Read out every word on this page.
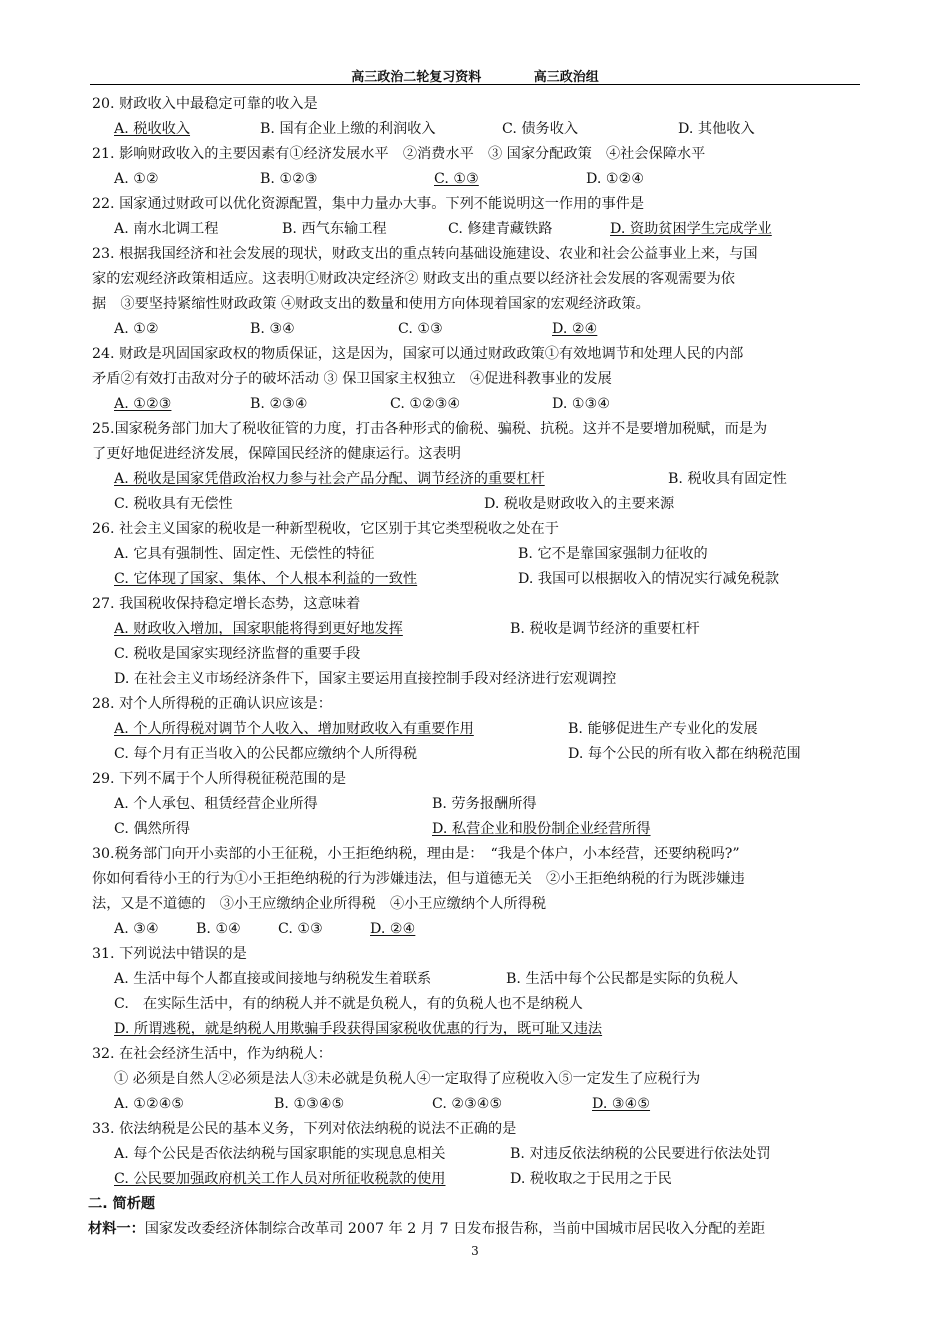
高三政治二轮复习资料	高三政治组
20. 财政收入中最稳定可靠的收入是
A. 税收收入	B. 国有企业上缴的利润收入	C. 债务收入	D. 其他收入
21. 影响财政收入的主要因素有①经济发展水平　②消费水平　③ 国家分配政策　④社会保障水平
A. ①②	B. ①②③	C. ①③	D. ①②④
22. 国家通过财政可以优化资源配置，集中力量办大事。下列不能说明这一作用的事件是
A. 南水北调工程	B. 西气东输工程	C. 修建青藏铁路	D. 资助贫困学生完成学业
23. 根据我国经济和社会发展的现状，财政支出的重点转向基础设施建设、农业和社会公益事业上来，与国
家的宏观经济政策相适应。这表明①财政决定经济② 财政支出的重点要以经济社会发展的客观需要为依
据　③要坚持紧缩性财政政策 ④财政支出的数量和使用方向体现着国家的宏观经济政策。
A. ①②	B. ③④	C. ①③	D. ②④
24. 财政是巩固国家政权的物质保证，这是因为，国家可以通过财政政策①有效地调节和处理人民的内部
矛盾②有效打击敌对分子的破坏活动 ③ 保卫国家主权独立　④促进科教事业的发展
A. ①②③	B. ②③④	C. ①②③④	D. ①③④
25.国家税务部门加大了税收征管的力度，打击各种形式的偷税、骗税、抗税。这并不是要增加税赋，而是为
了更好地促进经济发展，保障国民经济的健康运行。这表明
A. 税收是国家凭借政治权力参与社会产品分配、调节经济的重要杠杆	B. 税收具有固定性
C. 税收具有无偿性	D. 税收是财政收入的主要来源
26. 社会主义国家的税收是一种新型税收，它区别于其它类型税收之处在于
A. 它具有强制性、固定性、无偿性的特征	B. 它不是靠国家强制力征收的
C. 它体现了国家、集体、个人根本利益的一致性	D. 我国可以根据收入的情况实行减免税款
27. 我国税收保持稳定增长态势，这意味着
A. 财政收入增加，国家职能将得到更好地发挥	B. 税收是调节经济的重要杠杆
C. 税收是国家实现经济监督的重要手段
D. 在社会主义市场经济条件下，国家主要运用直接控制手段对经济进行宏观调控
28. 对个人所得税的正确认识应该是：
A. 个人所得税对调节个人收入、增加财政收入有重要作用	B. 能够促进生产专业化的发展
C. 每个月有正当收入的公民都应缴纳个人所得税	D. 每个公民的所有收入都在纳税范围
29. 下列不属于个人所得税征税范围的是
A. 个人承包、租赁经营企业所得	B. 劳务报酬所得
C. 偶然所得	D. 私营企业和股份制企业经营所得
30.税务部门向开小卖部的小王征税，小王拒绝纳税，理由是：　“我是个体户，小本经营，还要纳税吗?”
你如何看待小王的行为①小王拒绝纳税的行为涉嫌违法，但与道德无关　②小王拒绝纳税的行为既涉嫌违
法，又是不道德的　③小王应缴纳企业所得税　④小王应缴纳个人所得税
A. ③④	B. ①④	C. ①③	D. ②④
31. 下列说法中错误的是
A. 生活中每个人都直接或间接地与纳税发生着联系	B. 生活中每个公民都是实际的负税人
C.　在实际生活中，有的纳税人并不就是负税人，有的负税人也不是纳税人
D. 所谓逃税，就是纳税人用欺骗手段获得国家税收优惠的行为，既可耻又违法
32. 在社会经济生活中，作为纳税人：
① 必须是自然人②必须是法人③未必就是负税人④一定取得了应税收入⑤一定发生了应税行为
A. ①②④⑤	B. ①③④⑤	C. ②③④⑤	D. ③④⑤
33. 依法纳税是公民的基本义务，下列对依法纳税的说法不正确的是
A. 每个公民是否依法纳税与国家职能的实现息息相关	B. 对违反依法纳税的公民要进行依法处罚
C. 公民要加强政府机关工作人员对所征收税款的使用	D. 税收取之于民用之于民
二. 简析题
材料一：国家发改委经济体制综合改革司 2007 年 2 月 7 日发布报告称，当前中国城市居民收入分配的差距
3
